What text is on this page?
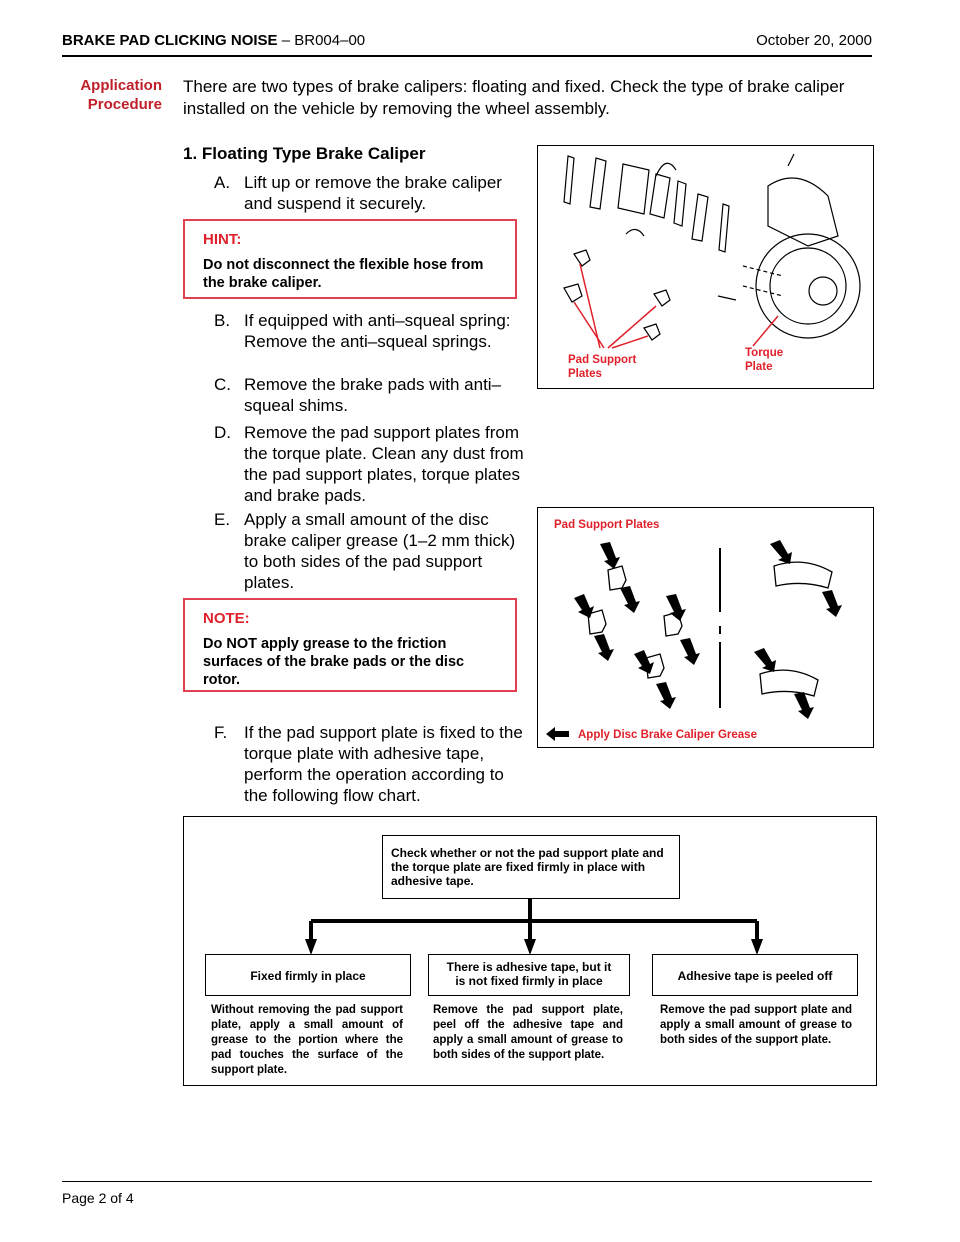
BRAKE PAD CLICKING NOISE – BR004–00	October 20, 2000
Application
Procedure
There are two types of brake calipers: floating and fixed. Check the type of brake caliper installed on the vehicle by removing the wheel assembly.
1. Floating Type Brake Caliper
A. Lift up or remove the brake caliper and suspend it securely.
HINT:
Do not disconnect the flexible hose from the brake caliper.
B. If equipped with anti–squeal spring: Remove the anti–squeal springs.
C. Remove the brake pads with anti–squeal shims.
D. Remove the pad support plates from the torque plate. Clean any dust from the pad support plates, torque plates and brake pads.
E. Apply a small amount of the disc brake caliper grease (1–2 mm thick) to both sides of the pad support plates.
NOTE:
Do NOT apply grease to the friction surfaces of the brake pads or the disc rotor.
F. If the pad support plate is fixed to the torque plate with adhesive tape, perform the operation according to the following flow chart.
Pad Support
Plates
Torque
Plate
Pad Support Plates
Apply Disc Brake Caliper Grease
Check whether or not the pad support plate and the torque plate are fixed firmly in place with adhesive tape.
Fixed firmly in place
There is adhesive tape, but it is not fixed firmly in place	Adhesive tape is peeled off
Without removing the pad support plate, apply a small amount of grease to the portion where the pad touches the surface of the support plate.
Remove the pad support plate, peel off the adhesive tape and apply a small amount of grease to both sides of the support plate.
Remove the pad support plate and apply a small amount of grease to both sides of the support plate.
Page 2 of 4
